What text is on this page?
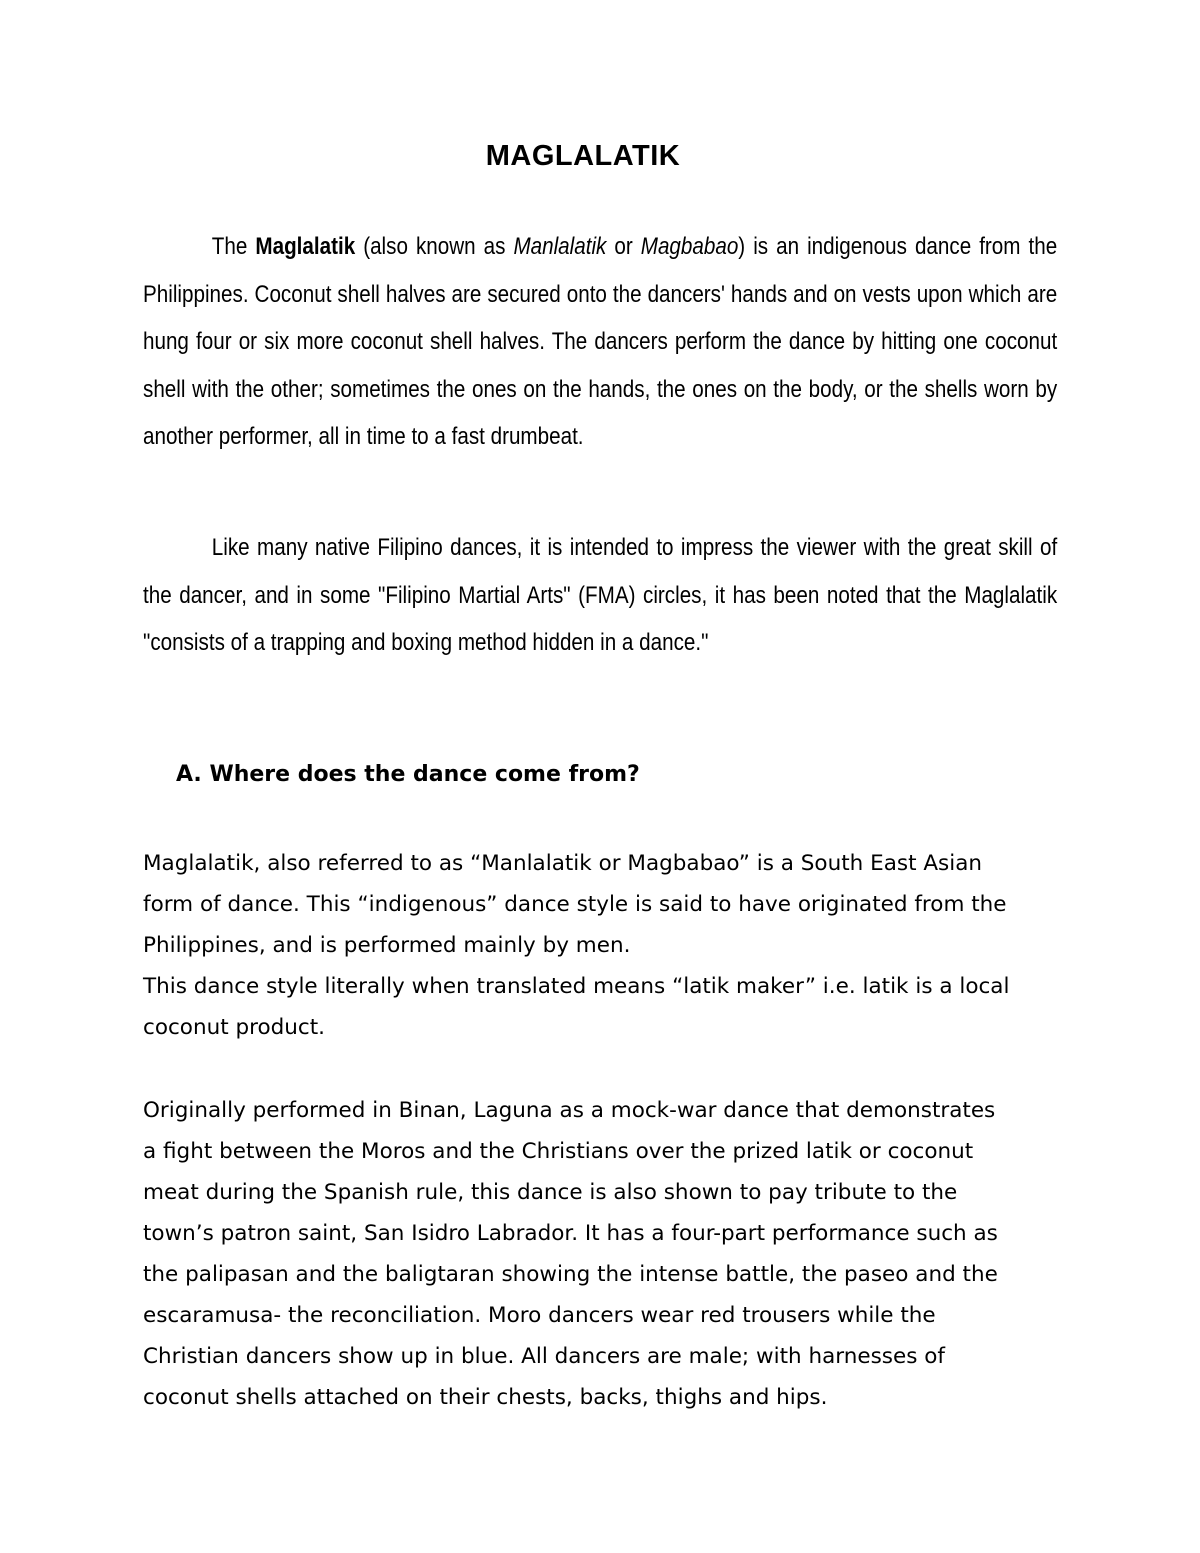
MAGLALATIK

The Maglalatik (also known as Manlalatik or Magbabao) is an indigenous dance from the Philippines. Coconut shell halves are secured onto the dancers' hands and on vests upon which are hung four or six more coconut shell halves. The dancers perform the dance by hitting one coconut shell with the other; sometimes the ones on the hands, the ones on the body, or the shells worn by another performer, all in time to a fast drumbeat.

Like many native Filipino dances, it is intended to impress the viewer with the great skill of the dancer, and in some "Filipino Martial Arts" (FMA) circles, it has been noted that the Maglalatik "consists of a trapping and boxing method hidden in a dance."

A. Where does the dance come from?
Maglalatik, also referred to as “Manlalatik or Magbabao” is a South East Asian
form of dance. This “indigenous” dance style is said to have originated from the
Philippines, and is performed mainly by men.
This dance style literally when translated means “latik maker” i.e. latik is a local
coconut product.
Originally performed in Binan, Laguna as a mock-war dance that demonstrates
a fight between the Moros and the Christians over the prized latik or coconut
meat during the Spanish rule, this dance is also shown to pay tribute to the
town’s patron saint, San Isidro Labrador. It has a four-part performance such as
the palipasan and the baligtaran showing the intense battle, the paseo and the
escaramusa- the reconciliation. Moro dancers wear red trousers while the
Christian dancers show up in blue. All dancers are male; with harnesses of
coconut shells attached on their chests, backs, thighs and hips.
